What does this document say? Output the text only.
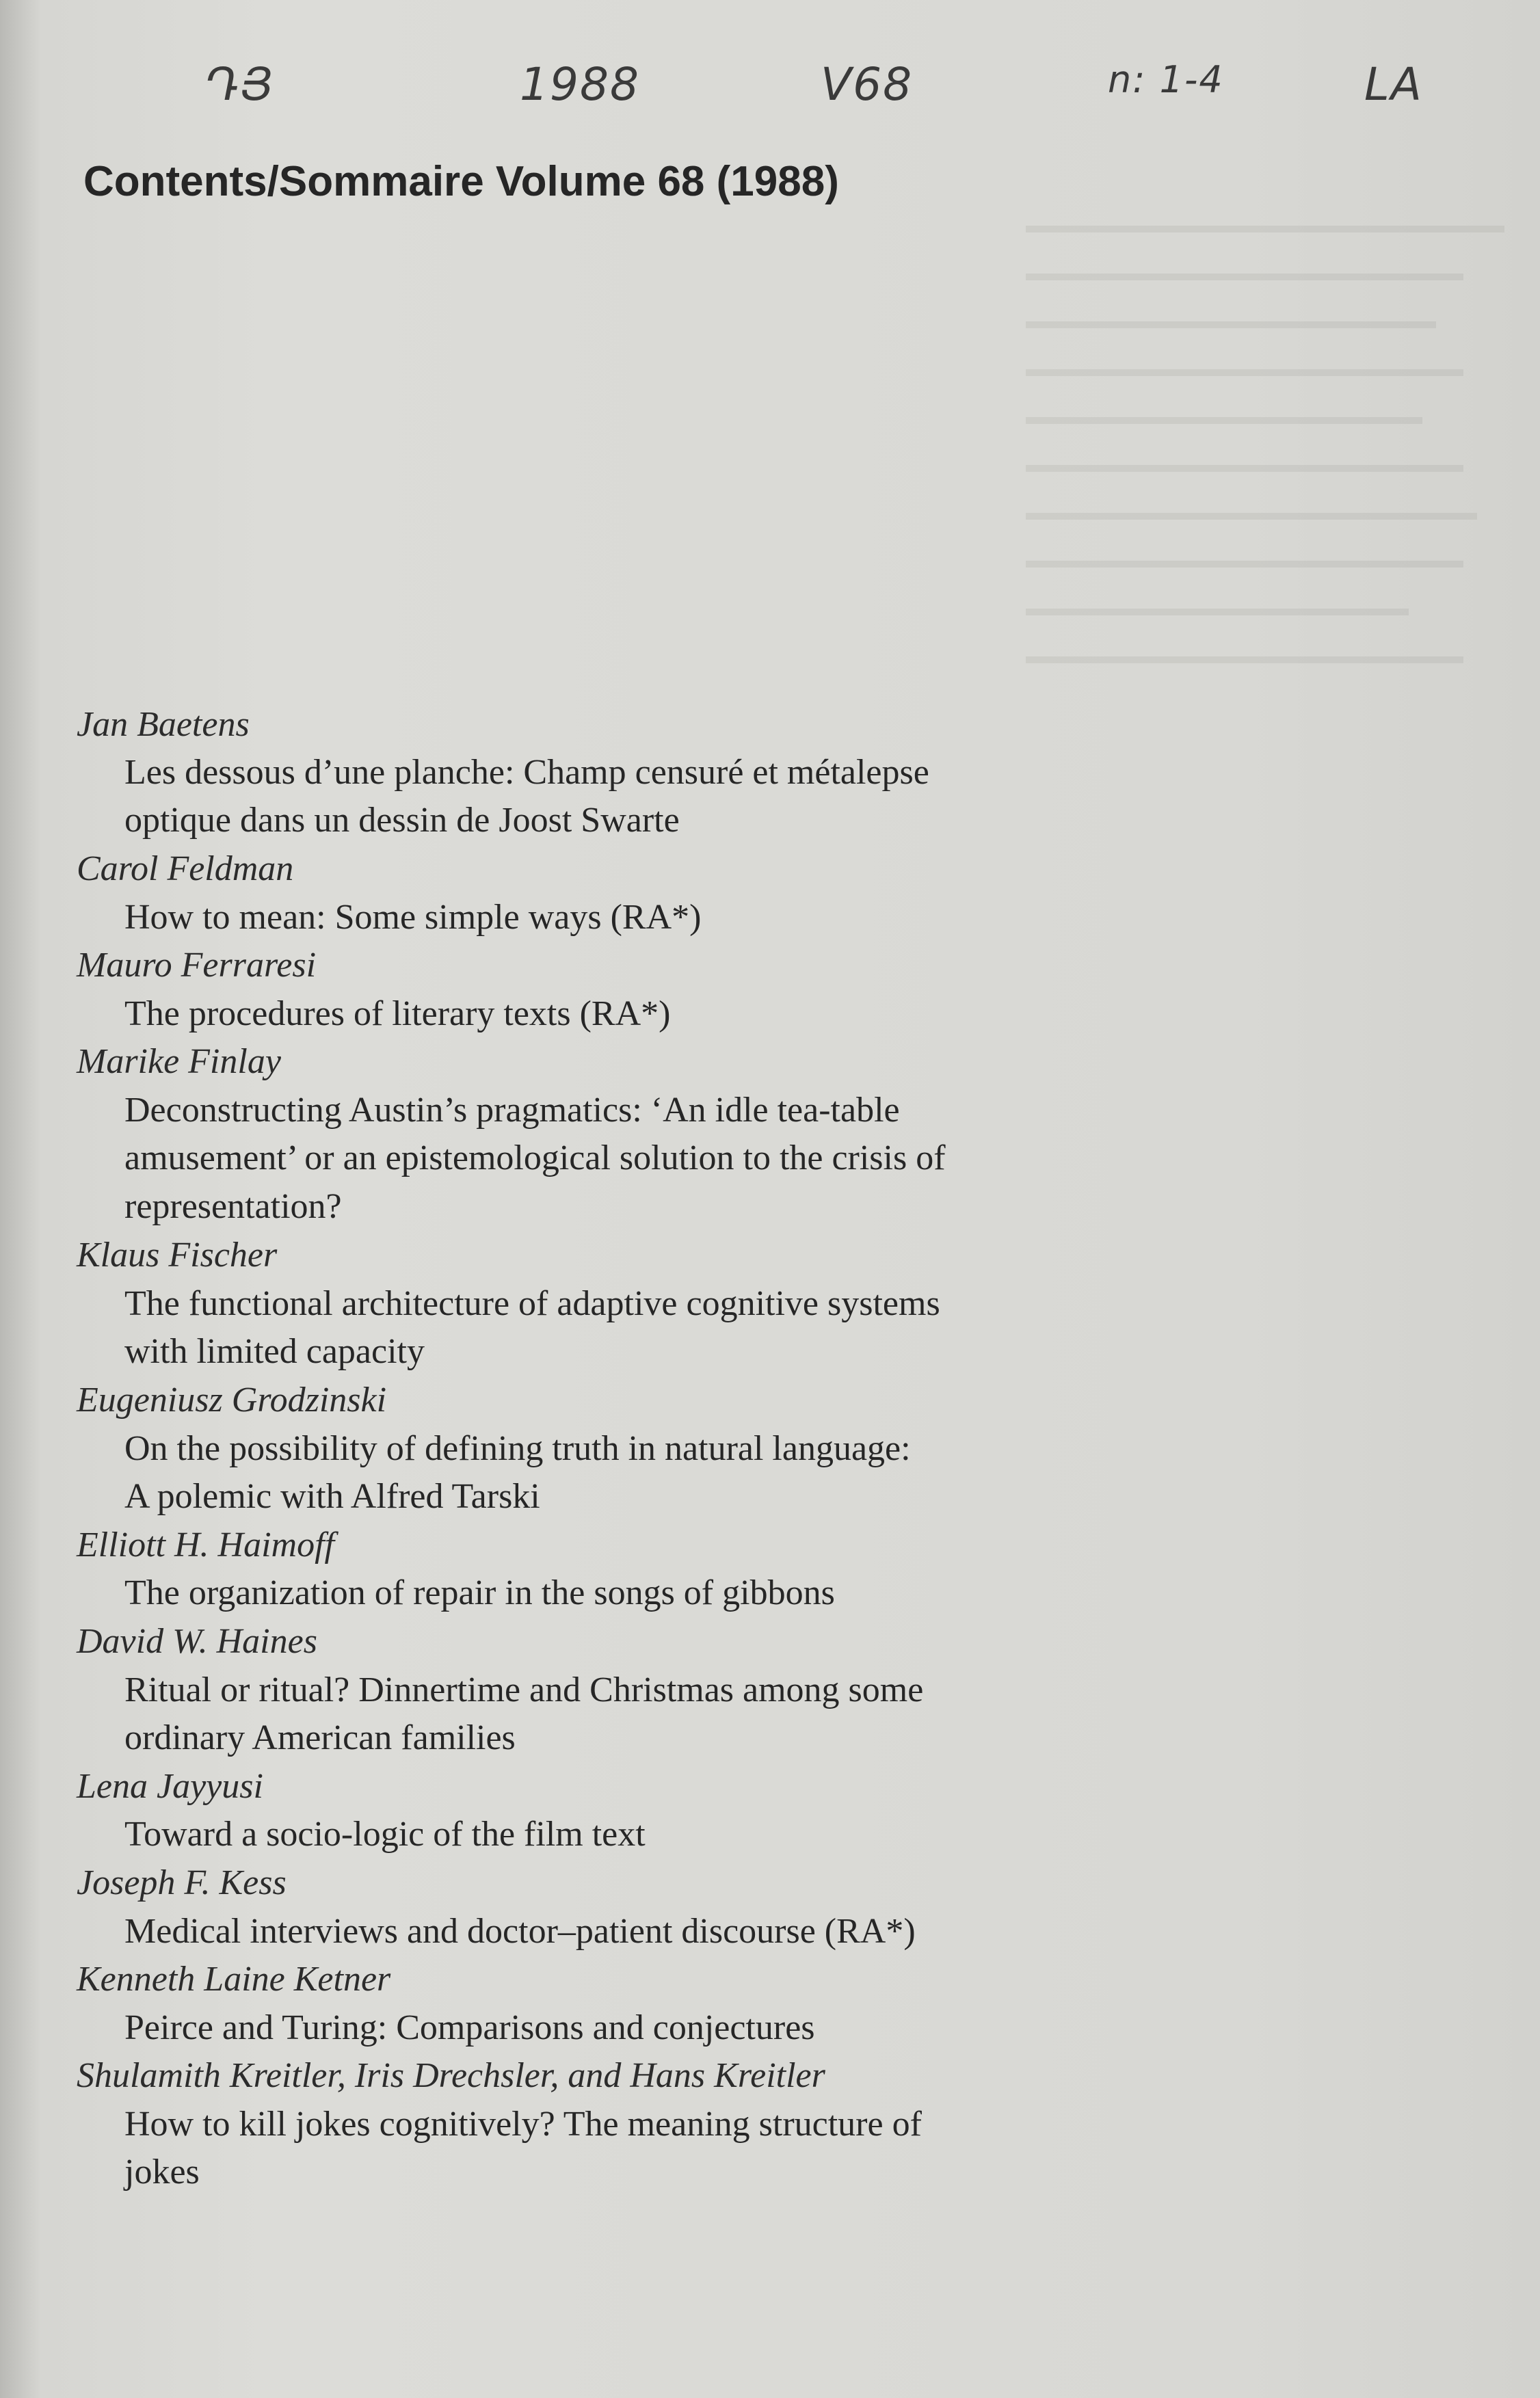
ԴՅ	1988	V68	n: 1-4	LA
Contents/Sommaire Volume 68 (1988)
Jan Baetens
Les dessous d’une planche: Champ censuré et métalepse
optique dans un dessin de Joost Swarte
Carol Feldman
How to mean: Some simple ways (RA*)
Mauro Ferraresi
The procedures of literary texts (RA*)
Marike Finlay
Deconstructing Austin’s pragmatics: ‘An idle tea-table
amusement’ or an epistemological solution to the crisis of
representation?
Klaus Fischer
The functional architecture of adaptive cognitive systems
with limited capacity
Eugeniusz Grodzinski
On the possibility of defining truth in natural language:
A polemic with Alfred Tarski
Elliott H. Haimoff
The organization of repair in the songs of gibbons
David W. Haines
Ritual or ritual? Dinnertime and Christmas among some
ordinary American families
Lena Jayyusi
Toward a socio-logic of the film text
Joseph F. Kess
Medical interviews and doctor–patient discourse (RA*)
Kenneth Laine Ketner
Peirce and Turing: Comparisons and conjectures
Shulamith Kreitler, Iris Drechsler, and Hans Kreitler
How to kill jokes cognitively? The meaning structure of
jokes
